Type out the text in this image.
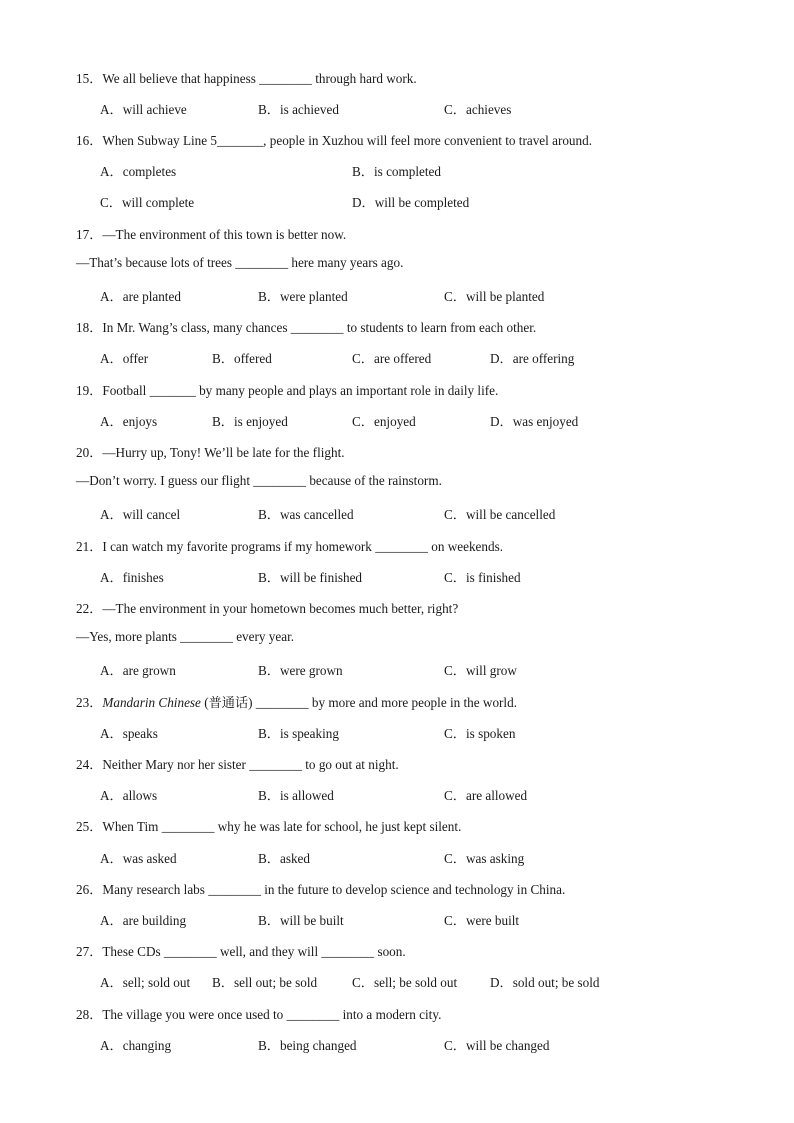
15．We all believe that happiness ________ through hard work.
A．will achieve	B．is achieved	C．achieves
16．When Subway Line 5_______, people in Xuzhou will feel more convenient to travel around.
A．completes	B．is completed
C．will complete	D．will be completed
17．—The environment of this town is better now.
—That’s because lots of trees ________ here many years ago.
A．are planted	B．were planted	C．will be planted
18．In Mr. Wang’s class, many chances ________ to students to learn from each other.
A．offer	B．offered	C．are offered	D．are offering
19．Football _______ by many people and plays an important role in daily life.
A．enjoys	B．is enjoyed	C．enjoyed	D．was enjoyed
20．—Hurry up, Tony! We’ll be late for the flight.
—Don’t worry. I guess our flight ________ because of the rainstorm.
A．will cancel	B．was cancelled	C．will be cancelled
21．I can watch my favorite programs if my homework ________ on weekends.
A．finishes	B．will be finished	C．is finished
22．—The environment in your hometown becomes much better, right?
—Yes, more plants ________ every year.
A．are grown	B．were grown	C．will grow
23．Mandarin Chinese (普通话) ________ by more and more people in the world.
A．speaks	B．is speaking	C．is spoken
24．Neither Mary nor her sister ________ to go out at night.
A．allows	B．is allowed	C．are allowed
25．When Tim ________ why he was late for school, he just kept silent.
A．was asked	B．asked	C．was asking
26．Many research labs ________ in the future to develop science and technology in China.
A．are building	B．will be built	C．were built
27．These CDs ________ well, and they will ________ soon.
A．sell; sold out B．sell out; be sold	C．sell; be sold out D．sold out; be sold
28．The village you were once used to ________ into a modern city.
A．changing	B．being changed	C．will be changed
